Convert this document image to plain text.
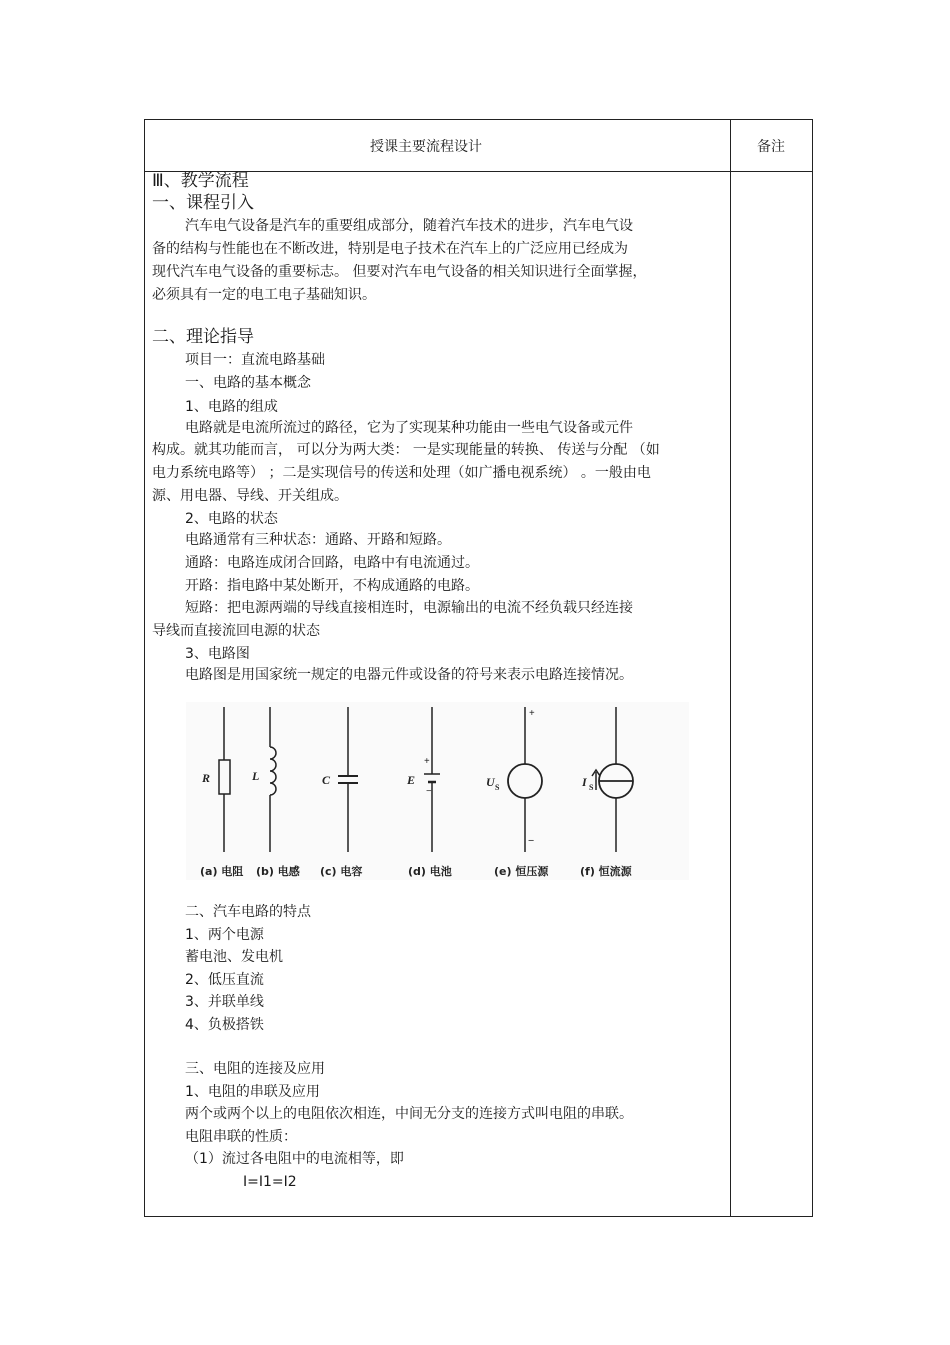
授课主要流程设计	备注
Ⅲ、教学流程
一、课程引入
汽车电气设备是汽车的重要组成部分，随着汽车技术的进步，汽车电气设
备的结构与性能也在不断改进，特别是电子技术在汽车上的广泛应用已经成为
现代汽车电气设备的重要标志。 但要对汽车电气设备的相关知识进行全面掌握，
必须具有一定的电工电子基础知识。
二、理论指导
项目一：直流电路基础
一、电路的基本概念
1、电路的组成
电路就是电流所流过的路径，它为了实现某种功能由一些电气设备或元件
构成。就其功能而言， 可以分为两大类： 一是实现能量的转换、 传送与分配 （如
电力系统电路等） ；二是实现信号的传送和处理（如广播电视系统） 。一般由电
源、用电器、导线、开关组成。
2、电路的状态
电路通常有三种状态：通路、开路和短路。
通路：电路连成闭合回路，电路中有电流通过。
开路：指电路中某处断开，不构成通路的电路。
短路：把电源两端的导线直接相连时，电源输出的电流不经负载只经连接
导线而直接流回电源的状态
3、电路图
电路图是用国家统一规定的电器元件或设备的符号来表示电路连接情况。
R	L	C
+
−
E
+
−
U S	I S
(a) 电阻 (b) 电感 (c) 电容	(d) 电池	(e) 恒压源	(f) 恒流源
二、汽车电路的特点
1、两个电源
蓄电池、发电机
2、低压直流
3、并联单线
4、负极搭铁
三、电阻的连接及应用
1、电阻的串联及应用
两个或两个以上的电阻依次相连，中间无分支的连接方式叫电阻的串联。
电阻串联的性质：
（1）流过各电阻中的电流相等，即
I=I1=I2
